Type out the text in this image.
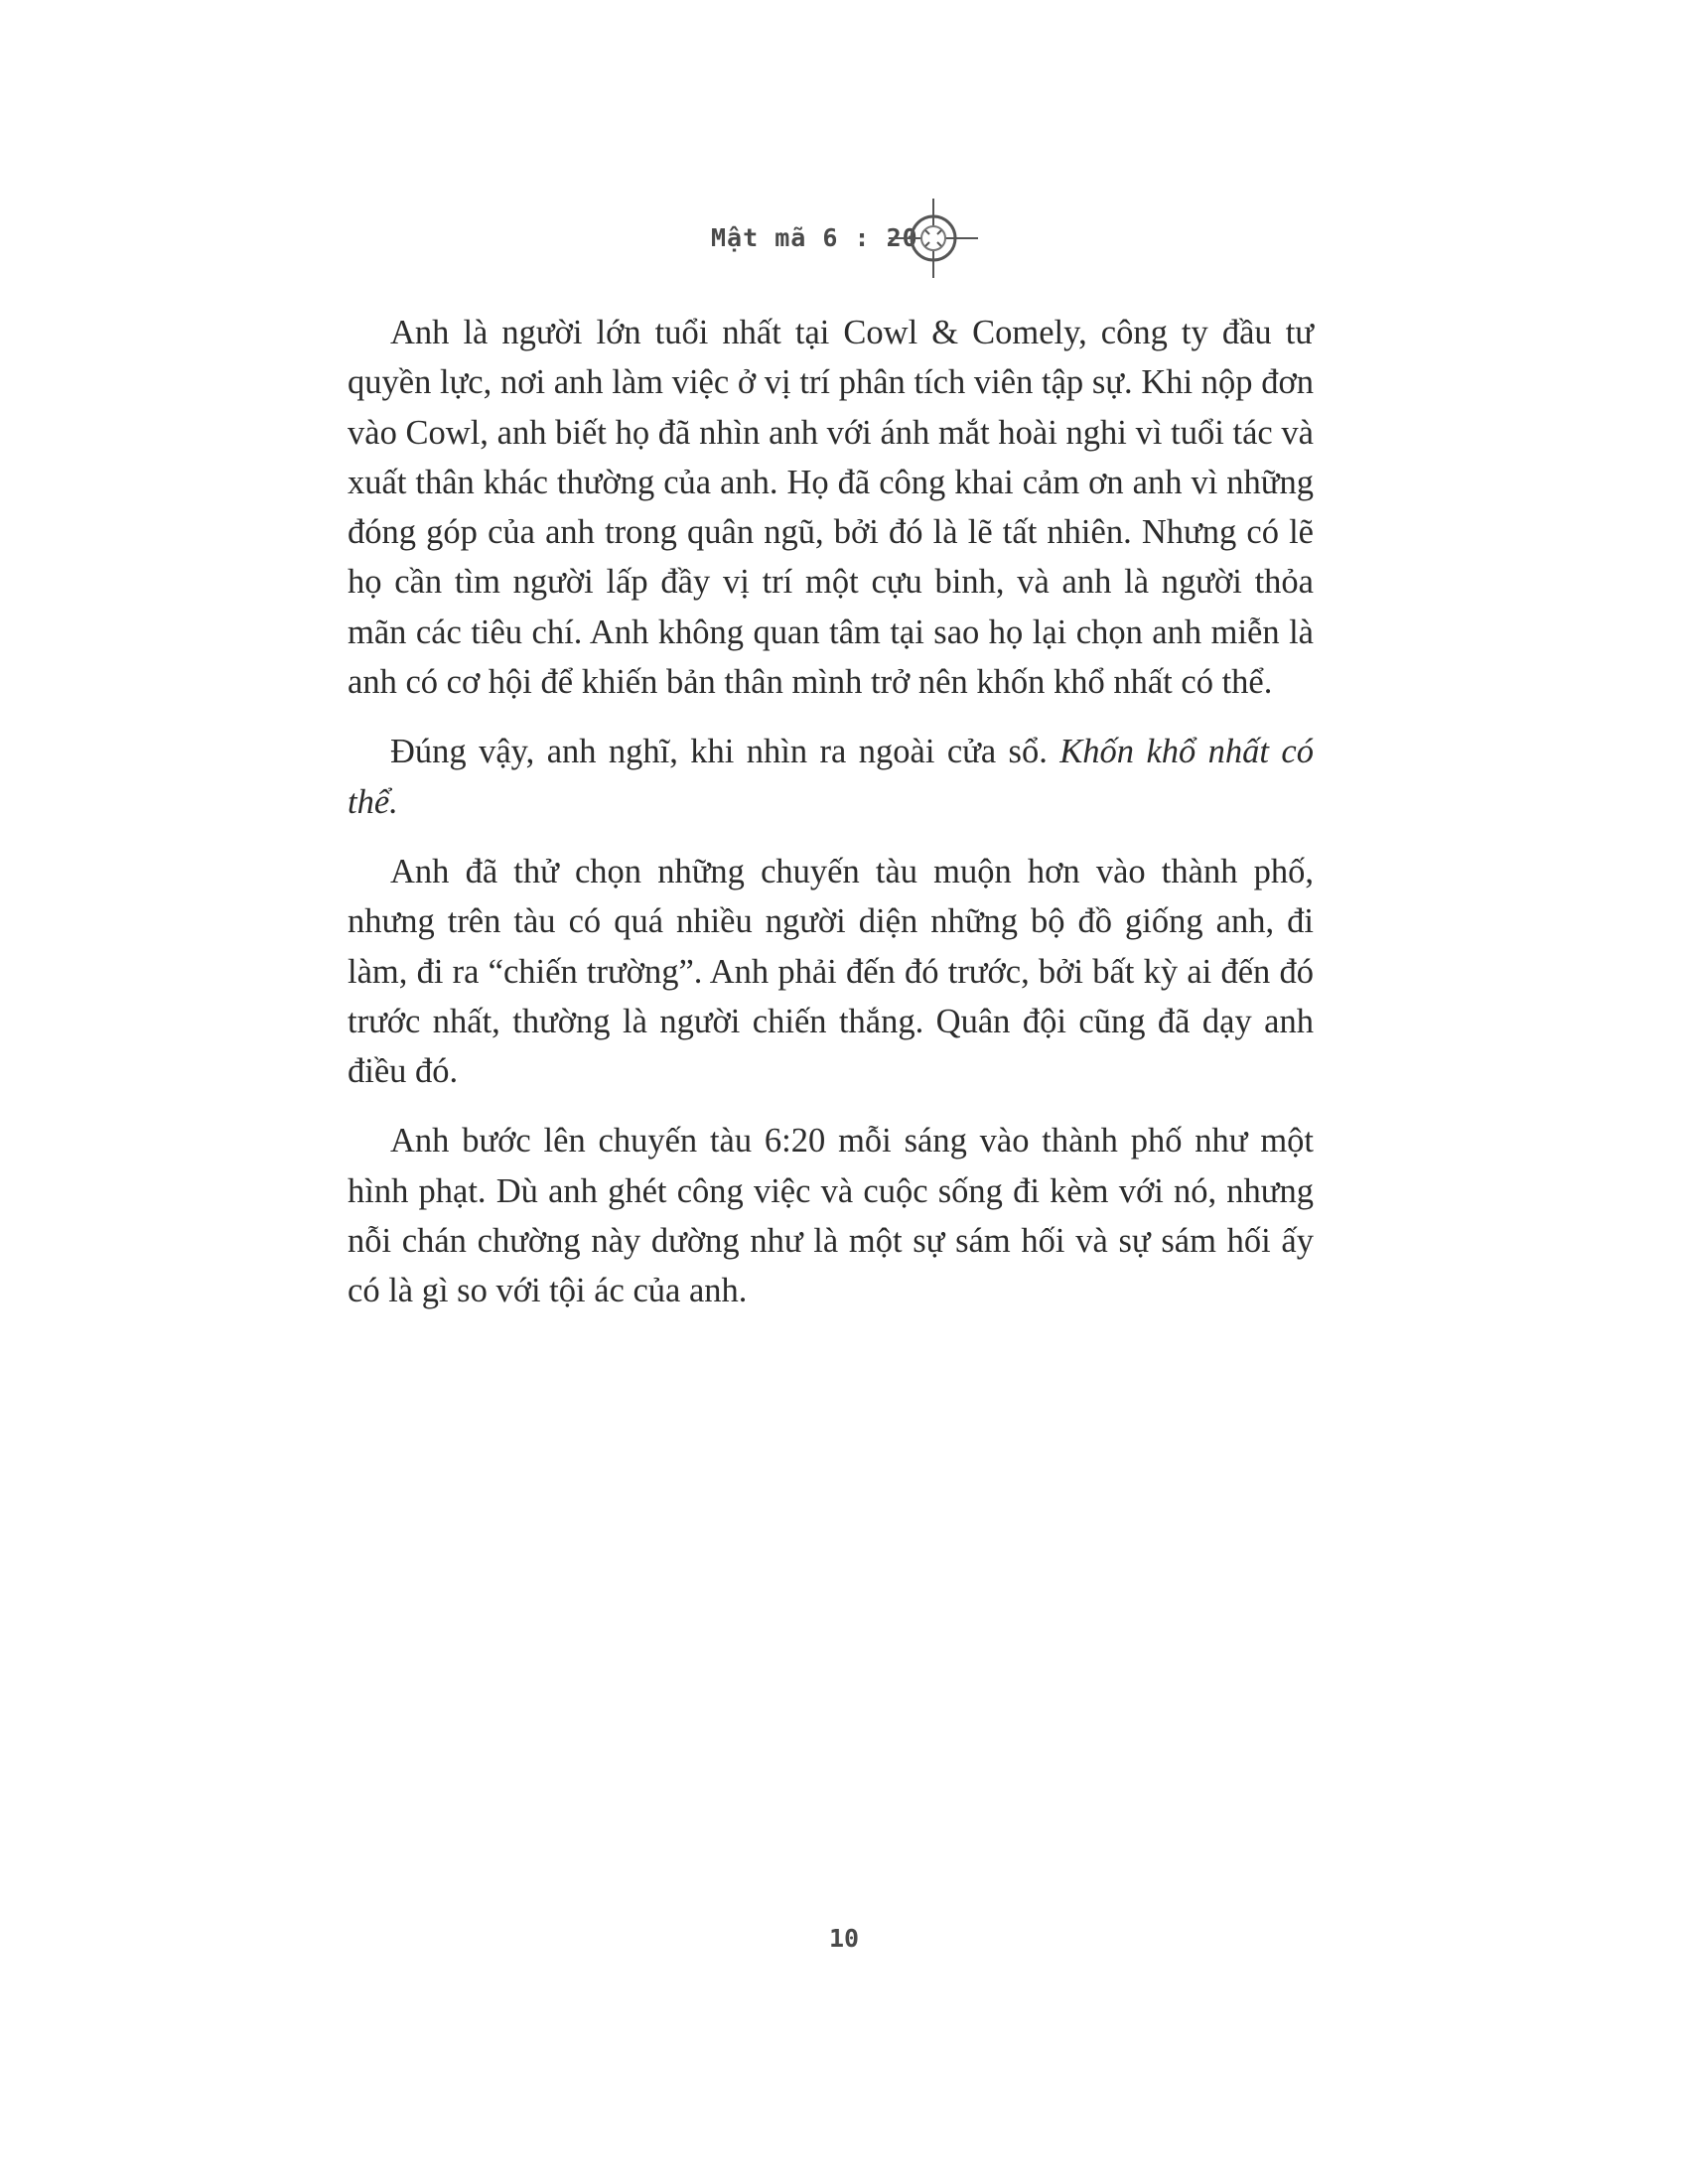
Mật mã 6 : 20

Anh là người lớn tuổi nhất tại Cowl & Comely, công ty đầu tư quyền lực, nơi anh làm việc ở vị trí phân tích viên tập sự. Khi nộp đơn vào Cowl, anh biết họ đã nhìn anh với ánh mắt hoài nghi vì tuổi tác và xuất thân khác thường của anh. Họ đã công khai cảm ơn anh vì những đóng góp của anh trong quân ngũ, bởi đó là lẽ tất nhiên. Nhưng có lẽ họ cần tìm người lấp đầy vị trí một cựu binh, và anh là người thỏa mãn các tiêu chí. Anh không quan tâm tại sao họ lại chọn anh miễn là anh có cơ hội để khiến bản thân mình trở nên khốn khổ nhất có thể.

Đúng vậy, anh nghĩ, khi nhìn ra ngoài cửa sổ. Khốn khổ nhất có thể.

Anh đã thử chọn những chuyến tàu muộn hơn vào thành phố, nhưng trên tàu có quá nhiều người diện những bộ đồ giống anh, đi làm, đi ra “chiến trường”. Anh phải đến đó trước, bởi bất kỳ ai đến đó trước nhất, thường là người chiến thắng. Quân đội cũng đã dạy anh điều đó.

Anh bước lên chuyến tàu 6:20 mỗi sáng vào thành phố như một hình phạt. Dù anh ghét công việc và cuộc sống đi kèm với nó, nhưng nỗi chán chường này dường như là một sự sám hối và sự sám hối ấy có là gì so với tội ác của anh.

10
